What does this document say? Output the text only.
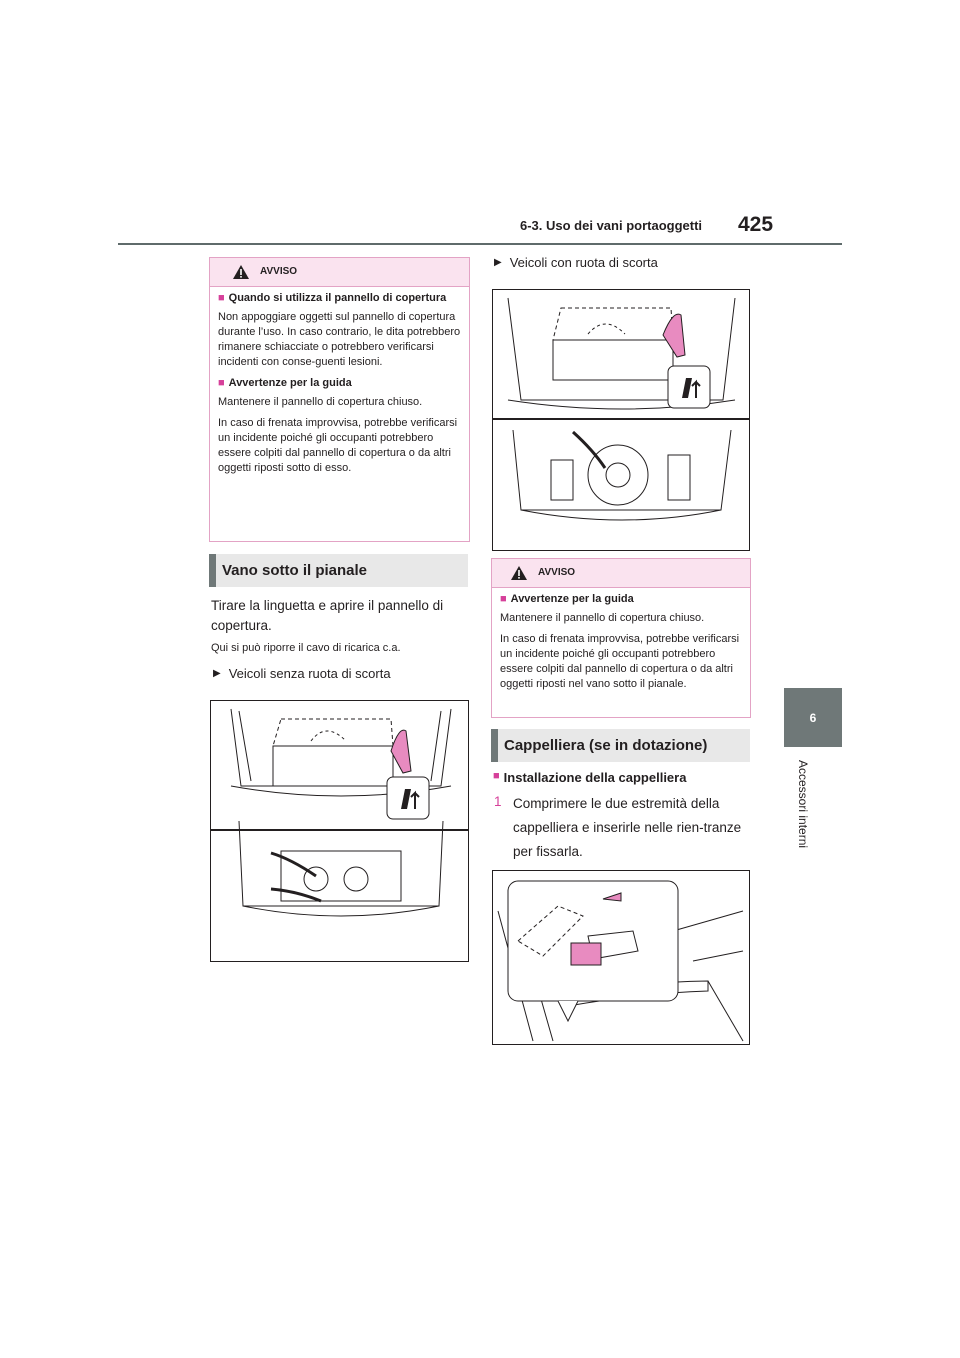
6-3. Uso dei vani portaoggetti 425
6
Accessori interni
AVVISO
■ Quando si utilizza il pannello di copertura

Non appoggiare oggetti sul pannello di copertura durante l’uso. In caso contrario, le dita potrebbero rimanere schiacciate o potrebbero verificarsi incidenti con conse-guenti lesioni.

■ Avvertenze per la guida

Mantenere il pannello di copertura chiuso.

In caso di frenata improvvisa, potrebbe verificarsi un incidente poiché gli occupanti potrebbero essere colpiti dal pannello di copertura o da altri oggetti riposti sotto di esso.

Vano sotto il pianale
Tirare la linguetta e aprire il pannello di copertura.
Qui si può riporre il cavo di ricarica c.a.
▶ Veicoli senza ruota di scorta
▶ Veicoli con ruota di scorta
AVVISO
■ Avvertenze per la guida

Mantenere il pannello di copertura chiuso.

In caso di frenata improvvisa, potrebbe verificarsi un incidente poiché gli occupanti potrebbero essere colpiti dal pannello di copertura o da altri oggetti riposti nel vano sotto il pianale.

Cappelliera (se in dotazione)
■ Installazione della cappelliera
1 Comprimere le due estremità della cappelliera e inserirle nelle rien-tranze per fissarla.
